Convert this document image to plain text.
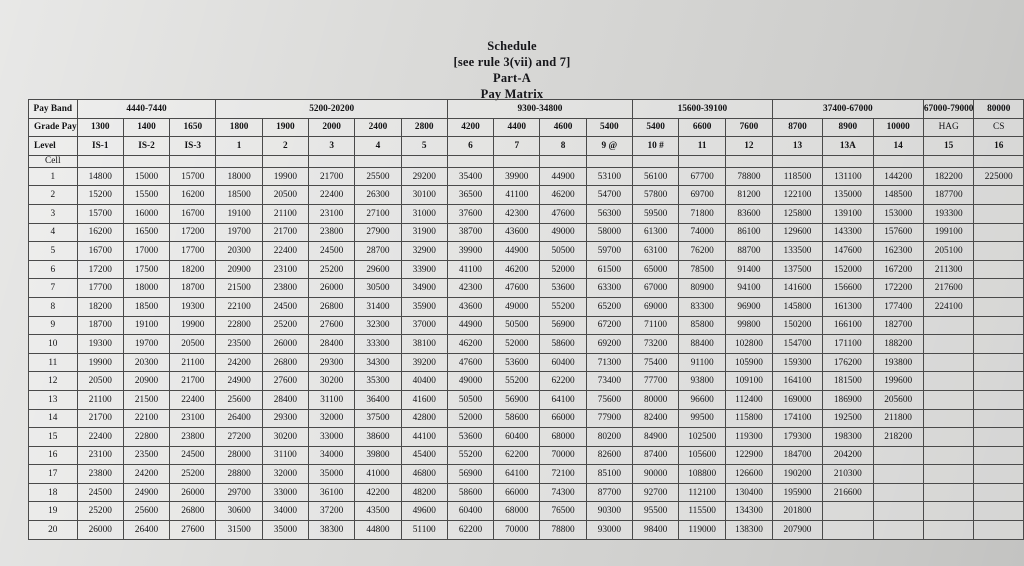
Schedule
[see rule 3(vii) and 7]
Part-A
Pay Matrix
Pay Band	4440-7440			5200-20200					9300-34800				15600-39100			37400-67000			67000-79000	80000
Grade Pay	1300	1400	1650	1800	1900	2000	2400	2800	4200	4400	4600	5400	5400	6600	7600	8700	8900	10000	HAG	CS
Level	IS-1	IS-2	IS-3	1	2	3	4	5	6	7	8	9 @	10 #	11	12	13	13A	14	15	16
Cell																				
1	14800	15000	15700	18000	19900	21700	25500	29200	35400	39900	44900	53100	56100	67700	78800	118500	131100	144200	182200	225000
2	15200	15500	16200	18500	20500	22400	26300	30100	36500	41100	46200	54700	57800	69700	81200	122100	135000	148500	187700	
3	15700	16000	16700	19100	21100	23100	27100	31000	37600	42300	47600	56300	59500	71800	83600	125800	139100	153000	193300	
4	16200	16500	17200	19700	21700	23800	27900	31900	38700	43600	49000	58000	61300	74000	86100	129600	143300	157600	199100	
5	16700	17000	17700	20300	22400	24500	28700	32900	39900	44900	50500	59700	63100	76200	88700	133500	147600	162300	205100	
6	17200	17500	18200	20900	23100	25200	29600	33900	41100	46200	52000	61500	65000	78500	91400	137500	152000	167200	211300	
7	17700	18000	18700	21500	23800	26000	30500	34900	42300	47600	53600	63300	67000	80900	94100	141600	156600	172200	217600	
8	18200	18500	19300	22100	24500	26800	31400	35900	43600	49000	55200	65200	69000	83300	96900	145800	161300	177400	224100	
9	18700	19100	19900	22800	25200	27600	32300	37000	44900	50500	56900	67200	71100	85800	99800	150200	166100	182700		
10	19300	19700	20500	23500	26000	28400	33300	38100	46200	52000	58600	69200	73200	88400	102800	154700	171100	188200		
11	19900	20300	21100	24200	26800	29300	34300	39200	47600	53600	60400	71300	75400	91100	105900	159300	176200	193800		
12	20500	20900	21700	24900	27600	30200	35300	40400	49000	55200	62200	73400	77700	93800	109100	164100	181500	199600		
13	21100	21500	22400	25600	28400	31100	36400	41600	50500	56900	64100	75600	80000	96600	112400	169000	186900	205600		
14	21700	22100	23100	26400	29300	32000	37500	42800	52000	58600	66000	77900	82400	99500	115800	174100	192500	211800		
15	22400	22800	23800	27200	30200	33000	38600	44100	53600	60400	68000	80200	84900	102500	119300	179300	198300	218200		
16	23100	23500	24500	28000	31100	34000	39800	45400	55200	62200	70000	82600	87400	105600	122900	184700	204200			
17	23800	24200	25200	28800	32000	35000	41000	46800	56900	64100	72100	85100	90000	108800	126600	190200	210300			
18	24500	24900	26000	29700	33000	36100	42200	48200	58600	66000	74300	87700	92700	112100	130400	195900	216600			
19	25200	25600	26800	30600	34000	37200	43500	49600	60400	68000	76500	90300	95500	115500	134300	201800				
20	26000	26400	27600	31500	35000	38300	44800	51100	62200	70000	78800	93000	98400	119000	138300	207900				
